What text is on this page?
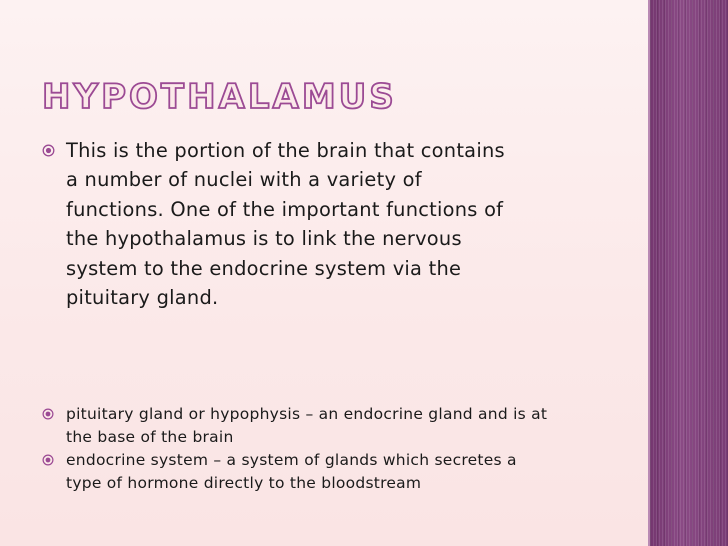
HYPOTHALAMUS
This is the portion of the brain that contains
a number of nuclei with a variety of
functions. One of the important functions of
the hypothalamus is to link the nervous
system to the endocrine system via the
pituitary gland.
pituitary gland or hypophysis – an endocrine gland and is at
the base of the brain
endocrine system – a system of glands which secretes a
type of hormone directly to the bloodstream
